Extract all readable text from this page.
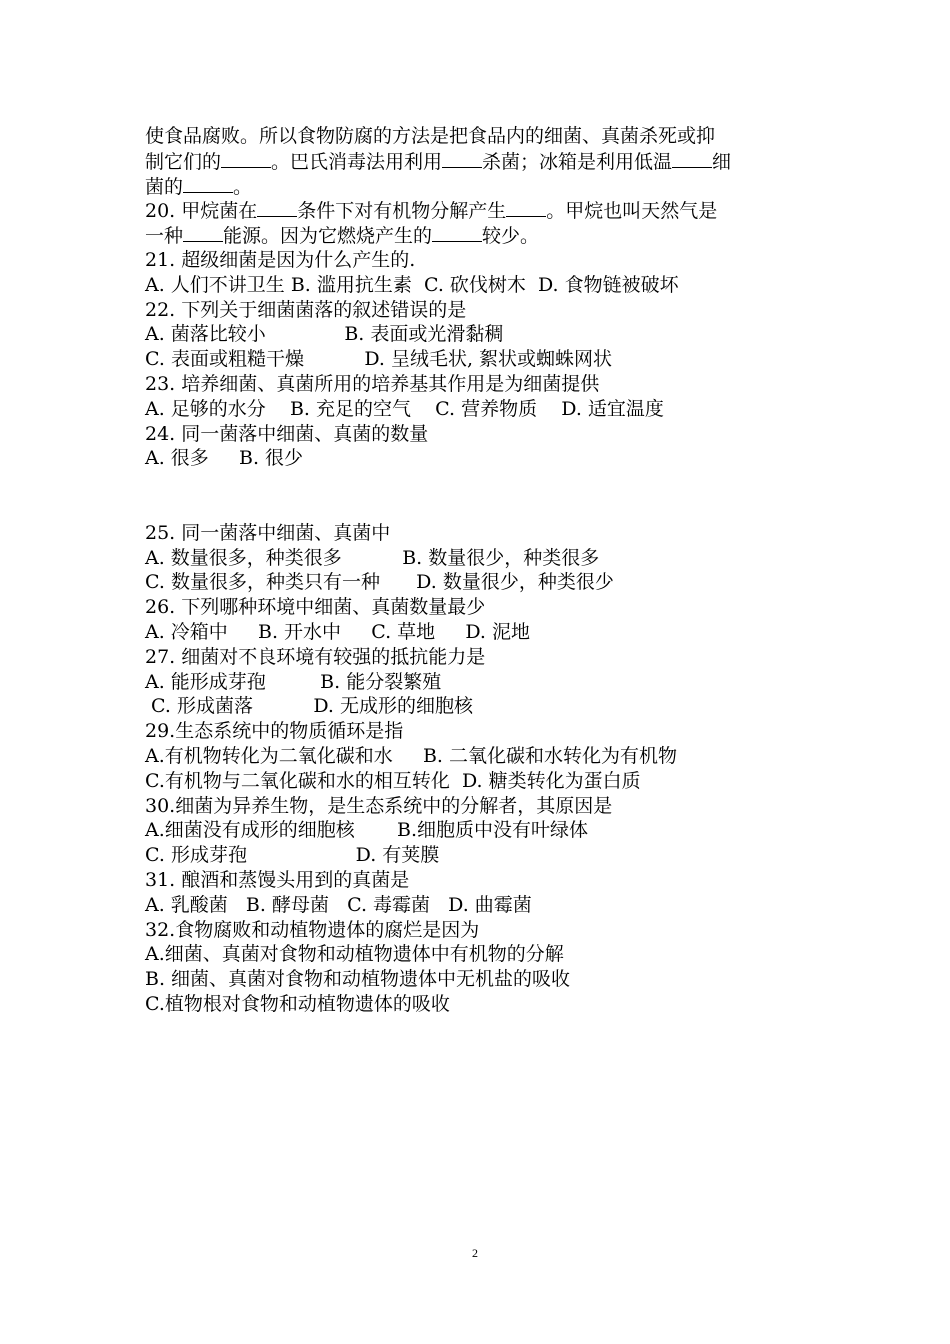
使食品腐败。所以食物防腐的方法是把食品内的细菌、真菌杀死或抑
制它们的	。巴氏消毒法用利用 杀菌；冰箱是利用低温 细
菌的	。
20. 甲烷菌在 条件下对有机物分解产生 。甲烷也叫天然气是
一种 能源。因为它燃烧产生的	较少。
21. 超级细菌是因为什么产生的.
A. 人们不讲卫生 B. 滥用抗生素  C. 砍伐树木  D. 食物链被破坏
22. 下列关于细菌菌落的叙述错误的是
A. 菌落比较小             B. 表面或光滑黏稠
C. 表面或粗糙干燥          D. 呈绒毛状, 絮状或蜘蛛网状
23. 培养细菌、真菌所用的培养基其作用是为细菌提供
A. 足够的水分    B. 充足的空气    C. 营养物质    D. 适宜温度
24. 同一菌落中细菌、真菌的数量
A. 很多     B. 很少
25. 同一菌落中细菌、真菌中
A. 数量很多，种类很多          B. 数量很少，种类很多
C. 数量很多，种类只有一种      D. 数量很少，种类很少
26. 下列哪种环境中细菌、真菌数量最少
A. 冷箱中     B. 开水中     C. 草地     D. 泥地
27. 细菌对不良环境有较强的抵抗能力是
A. 能形成芽孢         B. 能分裂繁殖
C. 形成菌落          D. 无成形的细胞核
29.生态系统中的物质循环是指
A.有机物转化为二氧化碳和水     B. 二氧化碳和水转化为有机物
C.有机物与二氧化碳和水的相互转化  D. 糖类转化为蛋白质
30.细菌为异养生物，是生态系统中的分解者，其原因是
A.细菌没有成形的细胞核       B.细胞质中没有叶绿体
C. 形成芽孢                  D. 有荚膜
31. 酿酒和蒸馒头用到的真菌是
A. 乳酸菌   B. 酵母菌   C. 毒霉菌   D. 曲霉菌
32.食物腐败和动植物遗体的腐烂是因为
A.细菌、真菌对食物和动植物遗体中有机物的分解
B. 细菌、真菌对食物和动植物遗体中无机盐的吸收
C.植物根对食物和动植物遗体的吸收
2
